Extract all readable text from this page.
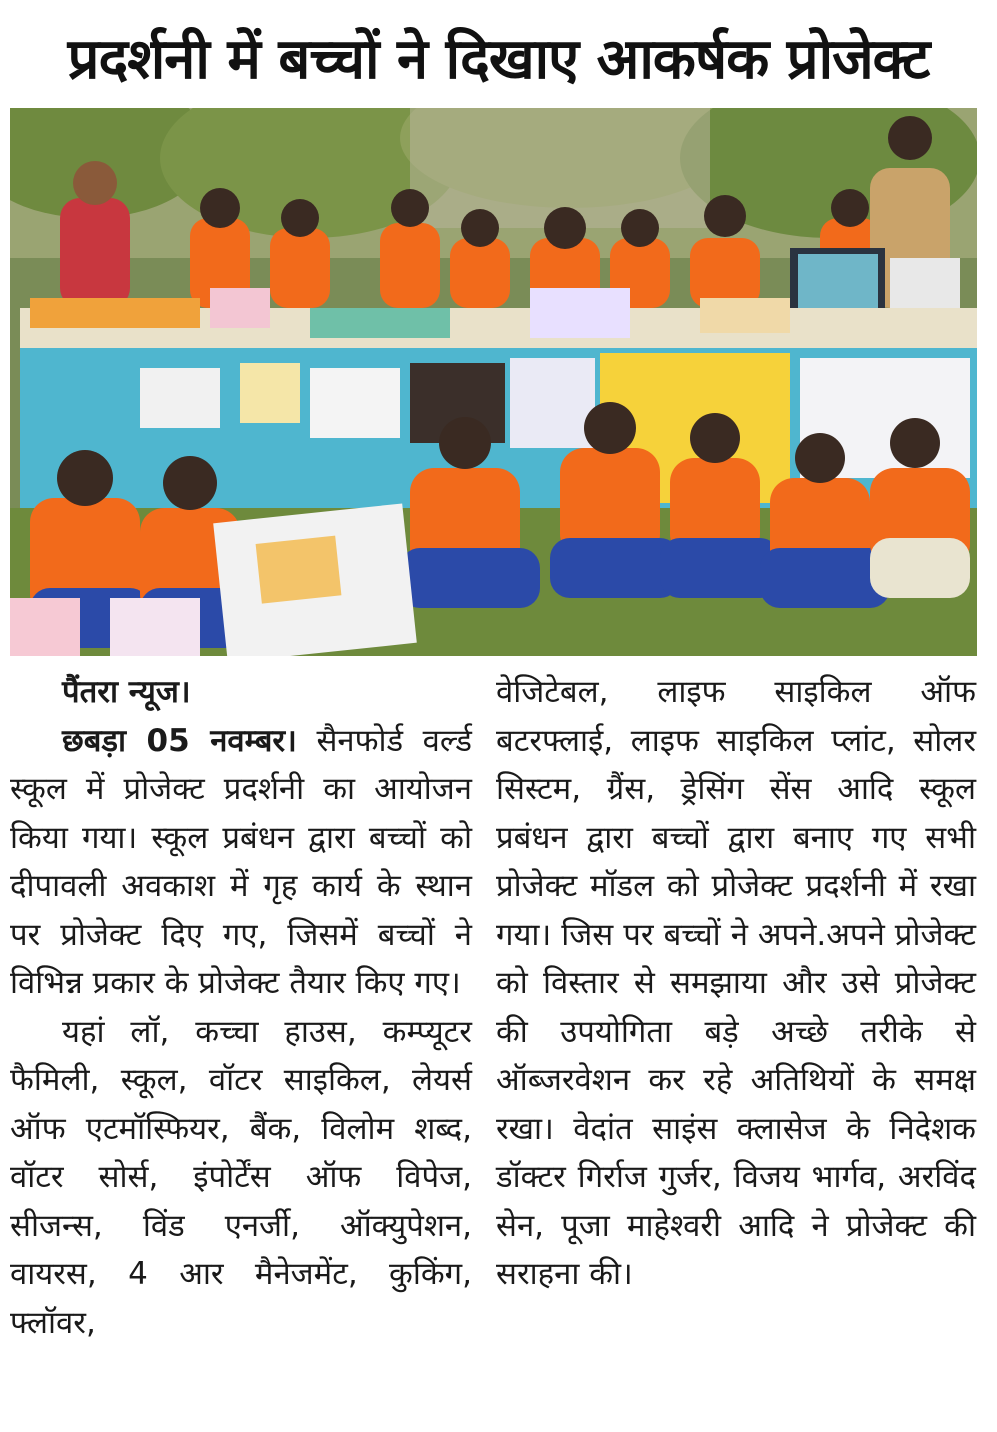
प्रदर्शनी में बच्चों ने दिखाए आकर्षक प्रोजेक्ट

पैंतरा न्यूज।

छबड़ा 05 नवम्बर। सैनफोर्ड वर्ल्ड स्कूल में प्रोजेक्ट प्रदर्शनी का आयोजन किया गया। स्कूल प्रबंधन द्वारा बच्चों को दीपावली अवकाश में गृह कार्य के स्थान पर प्रोजेक्ट दिए गए, जिसमें बच्चों ने विभिन्न प्रकार के प्रोजेक्ट तैयार किए गए।

यहां लॉ, कच्चा हाउस, कम्प्यूटर फैमिली, स्कूल, वॉटर साइकिल, लेयर्स ऑफ एटमॉस्फियर, बैंक, विलोम शब्द, वॉटर सोर्स, इंपोर्टेंस ऑफ विपेज, सीजन्स, विंड एनर्जी, ऑक्युपेशन, वायरस, 4 आर मैनेजमेंट, कुकिंग, फ्लॉवर,

वेजिटेबल, लाइफ साइकिल ऑफ बटरफ्लाई, लाइफ साइकिल प्लांट, सोलर सिस्टम, ग्रैंस, ड्रेसिंग सेंस आदि स्कूल प्रबंधन द्वारा बच्चों द्वारा बनाए गए सभी प्रोजेक्ट मॉडल को प्रोजेक्ट प्रदर्शनी में रखा गया। जिस पर बच्चों ने अपने.अपने प्रोजेक्ट को विस्तार से समझाया और उसे प्रोजेक्ट की उपयोगिता बड़े अच्छे तरीके से ऑब्जरवेशन कर रहे अतिथियों के समक्ष रखा। वेदांत साइंस क्लासेज के निदेशक डॉक्टर गिर्राज गुर्जर, विजय भार्गव, अरविंद सेन, पूजा माहेश्वरी आदि ने प्रोजेक्ट की सराहना की।
